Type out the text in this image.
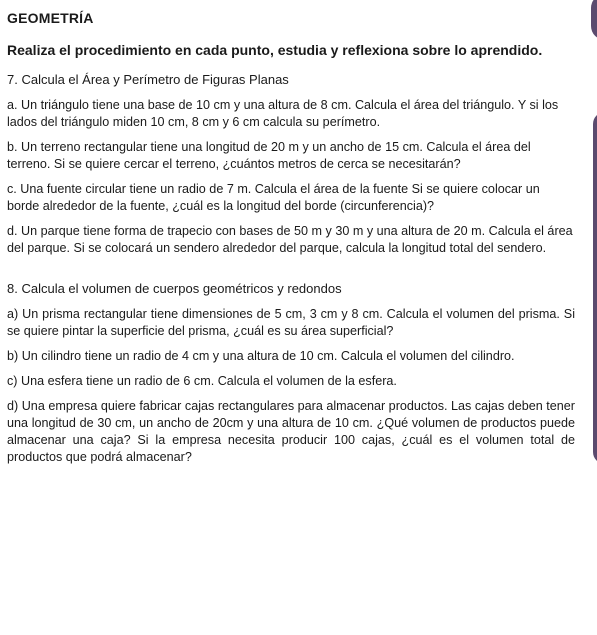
GEOMETRÍA
Realiza el procedimiento en cada punto, estudia y reflexiona sobre lo aprendido.
7. Calcula el Área y Perímetro de Figuras Planas
a. Un triángulo tiene una base de 10 cm y una altura de 8 cm. Calcula el área del triángulo. Y si los lados del triángulo miden 10 cm, 8 cm y 6 cm calcula su perímetro.
b. Un terreno rectangular tiene una longitud de 20 m y un ancho de 15 cm. Calcula el área del terreno. Si se quiere cercar el terreno, ¿cuántos metros de cerca se necesitarán?
c. Una fuente circular tiene un radio de 7 m. Calcula el área de la fuente Si se quiere colocar un borde alrededor de la fuente, ¿cuál es la longitud del borde (circunferencia)?
d. Un parque tiene forma de trapecio con bases de 50 m y 30 m y una altura de 20 m. Calcula el área del parque. Si se colocará un sendero alrededor del parque, calcula la longitud total del sendero.
8. Calcula el volumen de cuerpos geométricos y redondos
a) Un prisma rectangular tiene dimensiones de 5 cm, 3 cm y 8 cm. Calcula el volumen del prisma. Si se quiere pintar la superficie del prisma, ¿cuál es su área superficial?
b) Un cilindro tiene un radio de 4 cm y una altura de 10 cm. Calcula el volumen del cilindro.
c) Una esfera tiene un radio de 6 cm. Calcula el volumen de la esfera.
d) Una empresa quiere fabricar cajas rectangulares para almacenar productos. Las cajas deben tener una longitud de 30 cm, un ancho de 20cm y una altura de 10 cm. ¿Qué volumen de productos puede almacenar una caja? Si la empresa necesita producir 100 cajas, ¿cuál es el volumen total de productos que podrá almacenar?
